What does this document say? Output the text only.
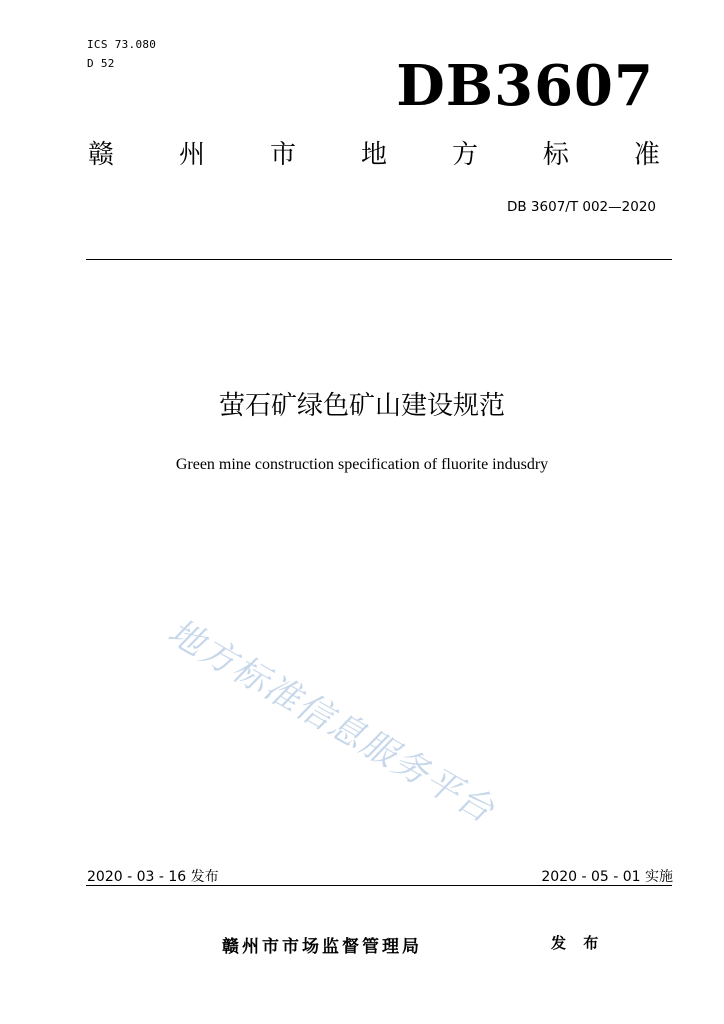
ICS 73.080
D 52	DB3607
赣 州 市 地 方 标 准
DB 3607/T 002—2020
萤石矿绿色矿山建设规范
Green mine construction specification of fluorite indusdry
地方标准信息服务平台
2020 - 03 - 16 发布	2020 - 05 - 01 实施
赣州市市场监督管理局	发 布
